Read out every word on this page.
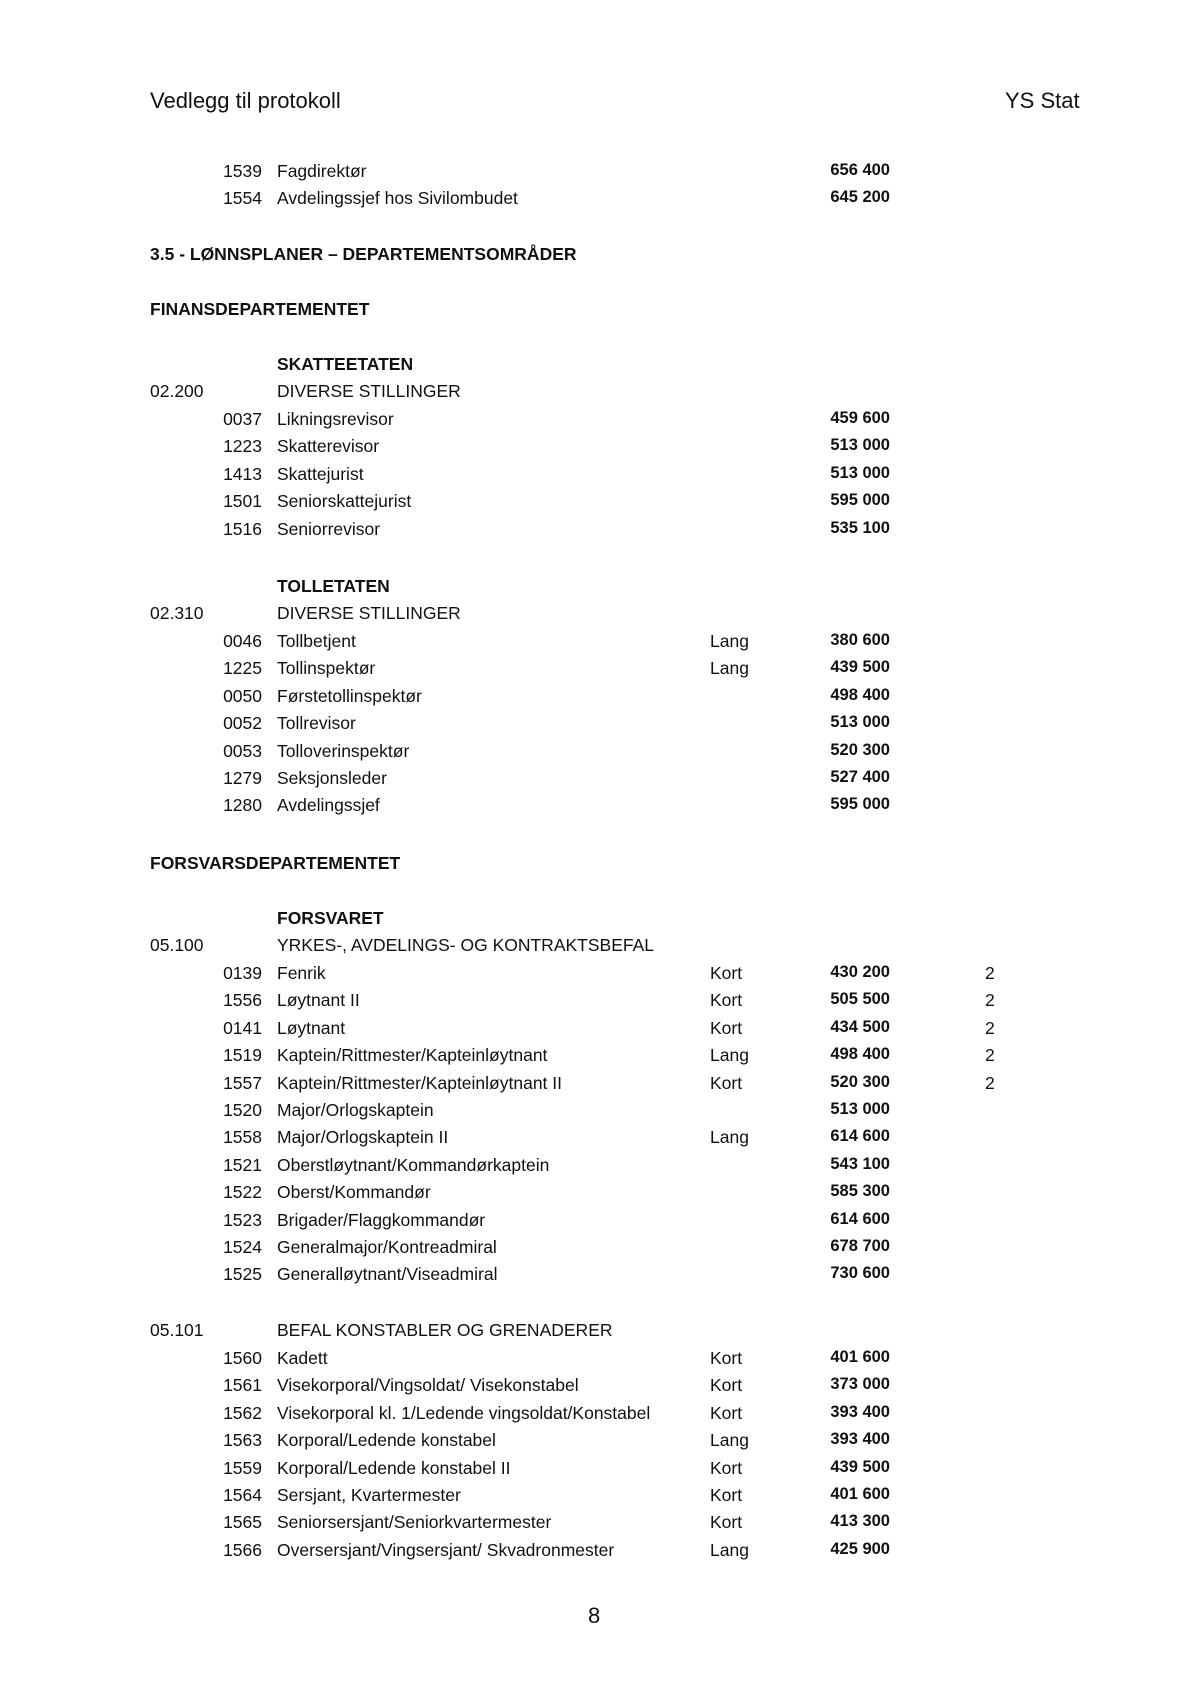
Vedlegg til protokoll	YS Stat
1539 Fagdirektør	656 400
1554 Avdelingssjef hos Sivilombudet	645 200
3.5 - LØNNSPLANER – DEPARTEMENTSOMRÅDER
FINANSDEPARTEMENTET
SKATTEETATEN
02.200	DIVERSE STILLINGER
0037 Likningsrevisor	459 600
1223 Skatterevisor	513 000
1413 Skattejurist	513 000
1501 Seniorskattejurist	595 000
1516 Seniorrevisor	535 100
TOLLETATEN
02.310	DIVERSE STILLINGER
0046 Tollbetjent	Lang	380 600
1225 Tollinspektør	Lang	439 500
0050 Førstetollinspektør	498 400
0052 Tollrevisor	513 000
0053 Tolloverinspektør	520 300
1279 Seksjonsleder	527 400
1280 Avdelingssjef	595 000
FORSVARSDEPARTEMENTET
FORSVARET
05.100	YRKES-, AVDELINGS- OG KONTRAKTSBEFAL
0139 Fenrik	Kort	430 200	2
1556 Løytnant II	Kort	505 500	2
0141 Løytnant	Kort	434 500	2
1519 Kaptein/Rittmester/Kapteinløytnant	Lang	498 400	2
1557 Kaptein/Rittmester/Kapteinløytnant II	Kort	520 300	2
1520 Major/Orlogskaptein	513 000
1558 Major/Orlogskaptein II	Lang	614 600
1521 Oberstløytnant/Kommandørkaptein	543 100
1522 Oberst/Kommandør	585 300
1523 Brigader/Flaggkommandør	614 600
1524 Generalmajor/Kontreadmiral	678 700
1525 Generalløytnant/Viseadmiral	730 600
05.101	BEFAL KONSTABLER OG GRENADERER
1560 Kadett	Kort	401 600
1561 Visekorporal/Vingsoldat/ Visekonstabel	Kort	373 000
1562 Visekorporal kl. 1/Ledende vingsoldat/Konstabel	Kort	393 400
1563 Korporal/Ledende konstabel	Lang	393 400
1559 Korporal/Ledende konstabel II	Kort	439 500
1564 Sersjant, Kvartermester	Kort	401 600
1565 Seniorsersjant/Seniorkvartermester	Kort	413 300
1566 Oversersjant/Vingsersjant/ Skvadronmester	Lang	425 900
8
